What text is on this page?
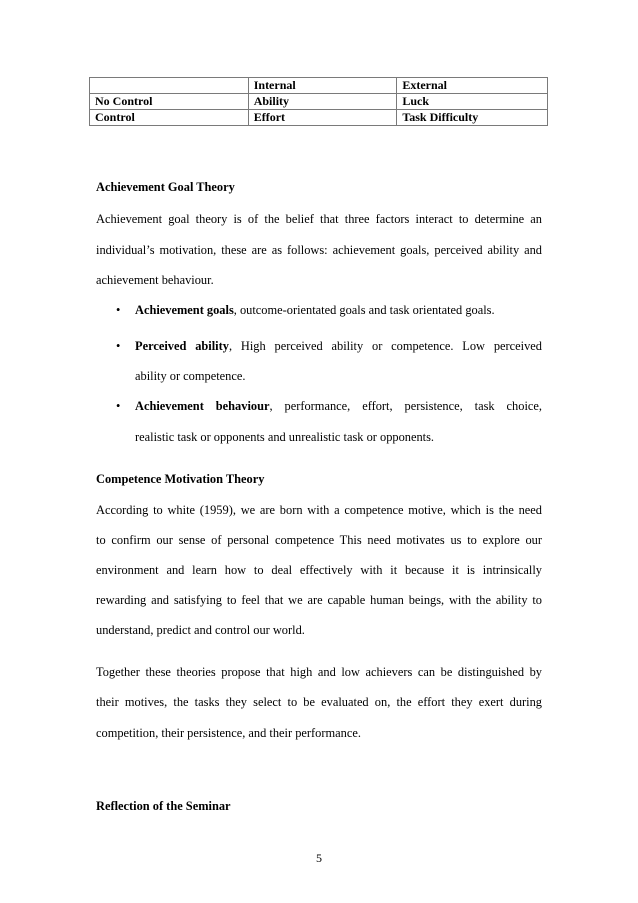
	Internal	External
No Control	Ability	Luck
Control	Effort	Task Difficulty
Achievement Goal Theory
Achievement goal theory is of the belief that three factors interact to determine an
individual’s motivation, these are as follows: achievement goals, perceived ability and
achievement behaviour.
• Achievement goals, outcome-orientated goals and task orientated goals.
• Perceived ability, High perceived ability or competence. Low perceived
ability or competence.
• Achievement behaviour, performance, effort, persistence, task choice,
realistic task or opponents and unrealistic task or opponents.
Competence Motivation Theory
According to white (1959), we are born with a competence motive, which is the need
to confirm our sense of personal competence This need motivates us to explore our
environment and learn how to deal effectively with it because it is intrinsically
rewarding and satisfying to feel that we are capable human beings, with the ability to
understand, predict and control our world.
Together these theories propose that high and low achievers can be distinguished by
their motives, the tasks they select to be evaluated on, the effort they exert during
competition, their persistence, and their performance.
Reflection of the Seminar
5
